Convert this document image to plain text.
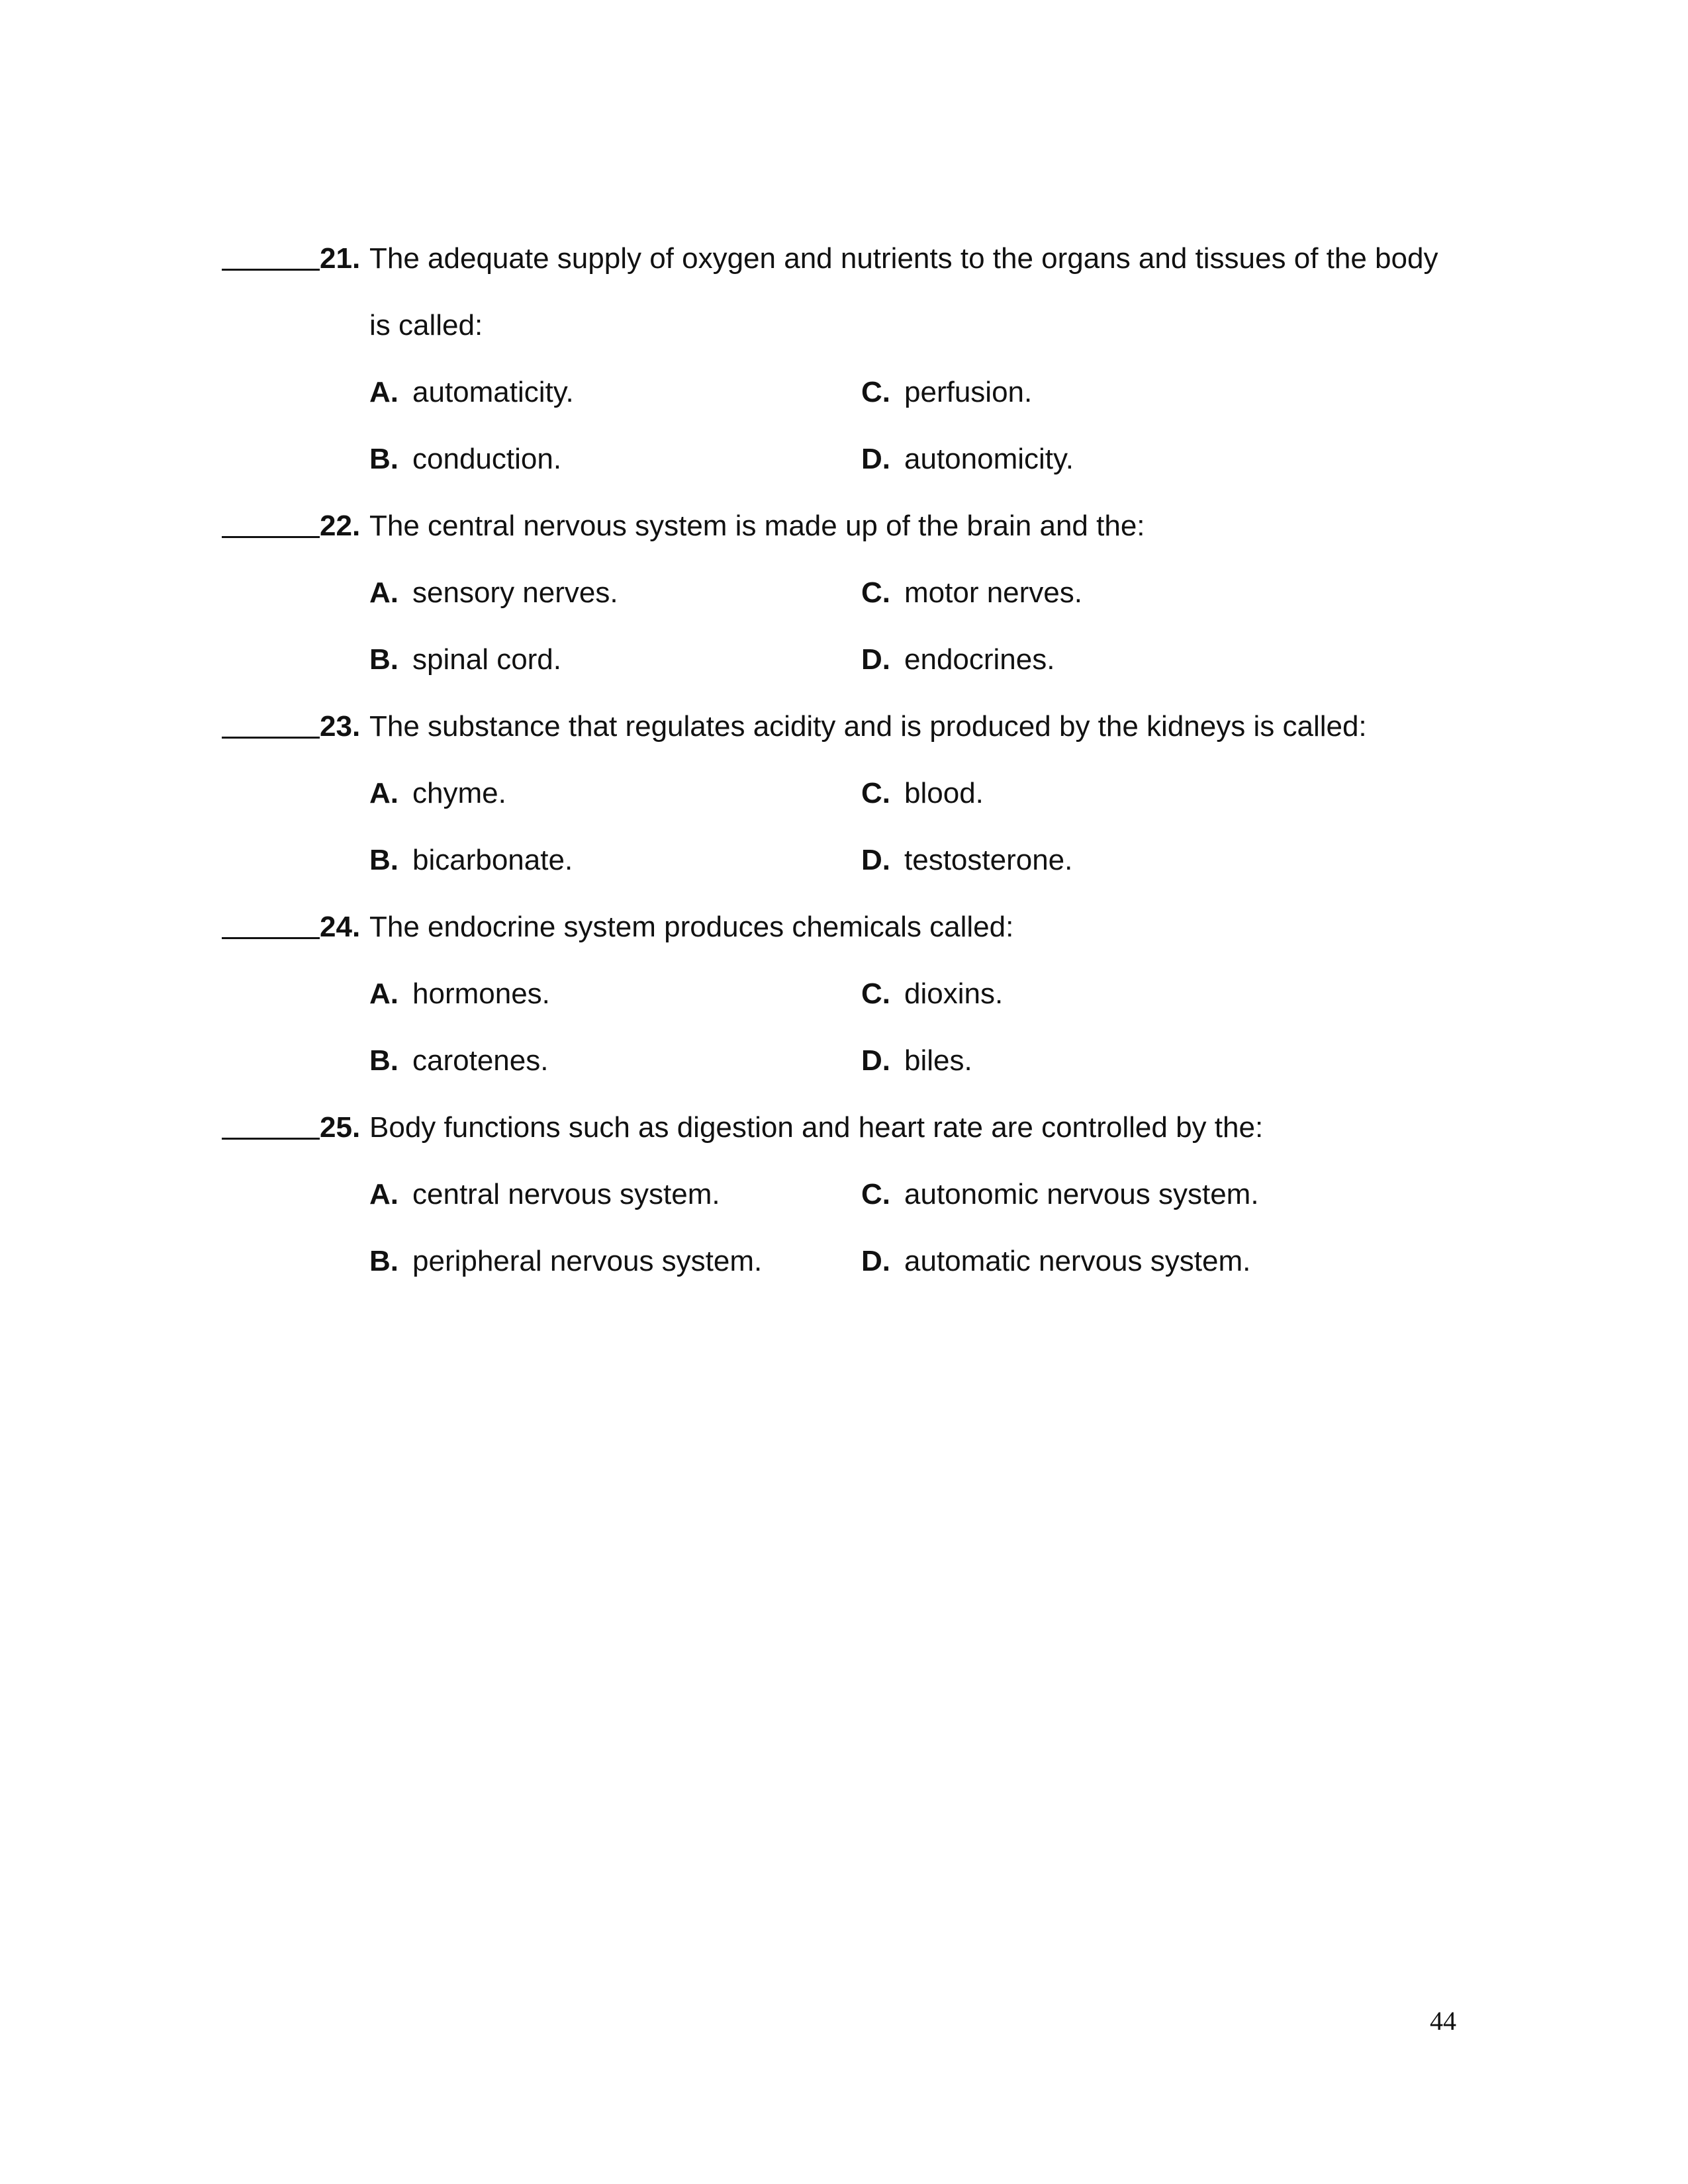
21. The adequate supply of oxygen and nutrients to the organs and tissues of the body
is called:
A. automaticity.	C. perfusion.
B. conduction.	D. autonomicity.
22. The central nervous system is made up of the brain and the:
A. sensory nerves.	C. motor nerves.
B. spinal cord.	D. endocrines.
23. The substance that regulates acidity and is produced by the kidneys is called:
A. chyme.	C. blood.
B. bicarbonate.	D. testosterone.
24. The endocrine system produces chemicals called:
A. hormones.	C. dioxins.
B. carotenes.	D. biles.
25. Body functions such as digestion and heart rate are controlled by the:
A. central nervous system.	C. autonomic nervous system.
B. peripheral nervous system.	D. automatic nervous system.
44
